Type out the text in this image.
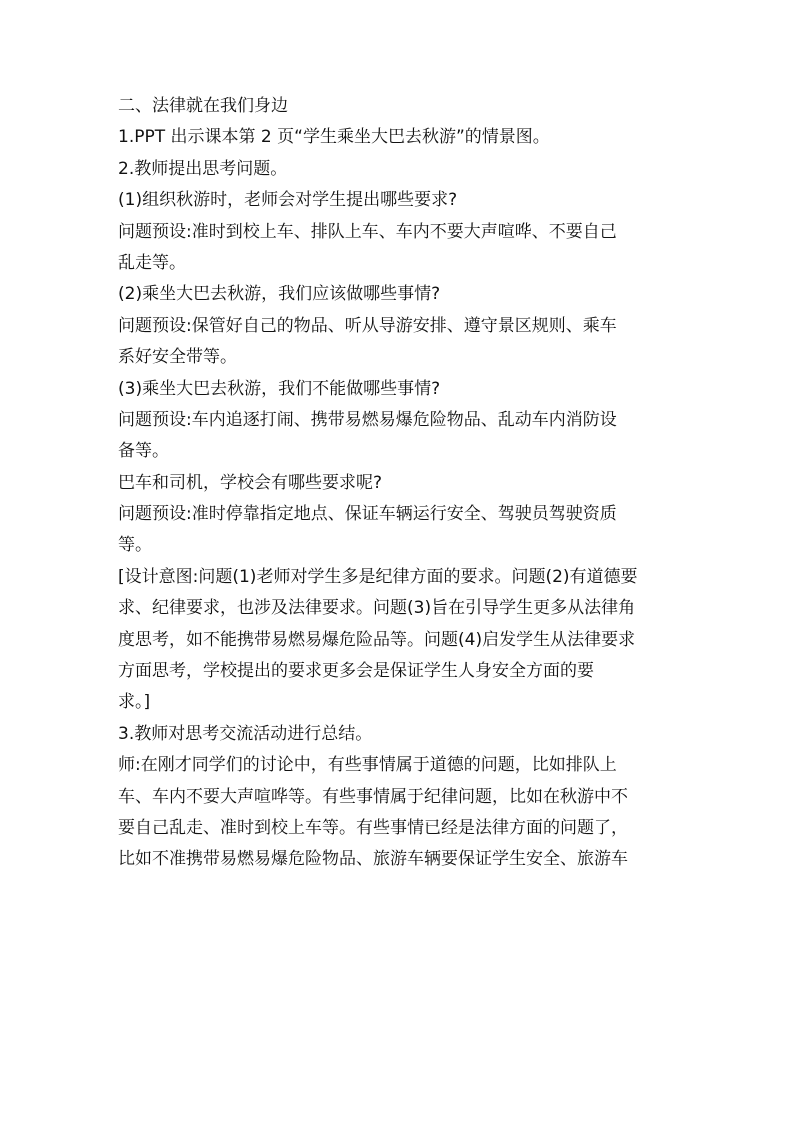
二、法律就在我们身边
1.PPT 出示课本第 2 页“学生乘坐大巴去秋游”的情景图。
2.教师提出思考问题。
(1)组织秋游时，老师会对学生提出哪些要求?
问题预设:准时到校上车、排队上车、车内不要大声喧哗、不要自己
乱走等。
(2)乘坐大巴去秋游，我们应该做哪些事情?
问题预设:保管好自己的物品、听从导游安排、遵守景区规则、乘车
系好安全带等。
(3)乘坐大巴去秋游，我们不能做哪些事情?
问题预设:车内追逐打闹、携带易燃易爆危险物品、乱动车内消防设
备等。
巴车和司机，学校会有哪些要求呢?
问题预设:准时停靠指定地点、保证车辆运行安全、驾驶员驾驶资质
等。
[设计意图:问题(1)老师对学生多是纪律方面的要求。问题(2)有道德要
求、纪律要求，也涉及法律要求。问题(3)旨在引导学生更多从法律角
度思考，如不能携带易燃易爆危险品等。问题(4)启发学生从法律要求
方面思考，学校提出的要求更多会是保证学生人身安全方面的要
求。]
3.教师对思考交流活动进行总结。
师:在刚才同学们的讨论中，有些事情属于道德的问题，比如排队上
车、车内不要大声喧哗等。有些事情属于纪律问题，比如在秋游中不
要自己乱走、准时到校上车等。有些事情已经是法律方面的问题了，
比如不准携带易燃易爆危险物品、旅游车辆要保证学生安全、旅游车
